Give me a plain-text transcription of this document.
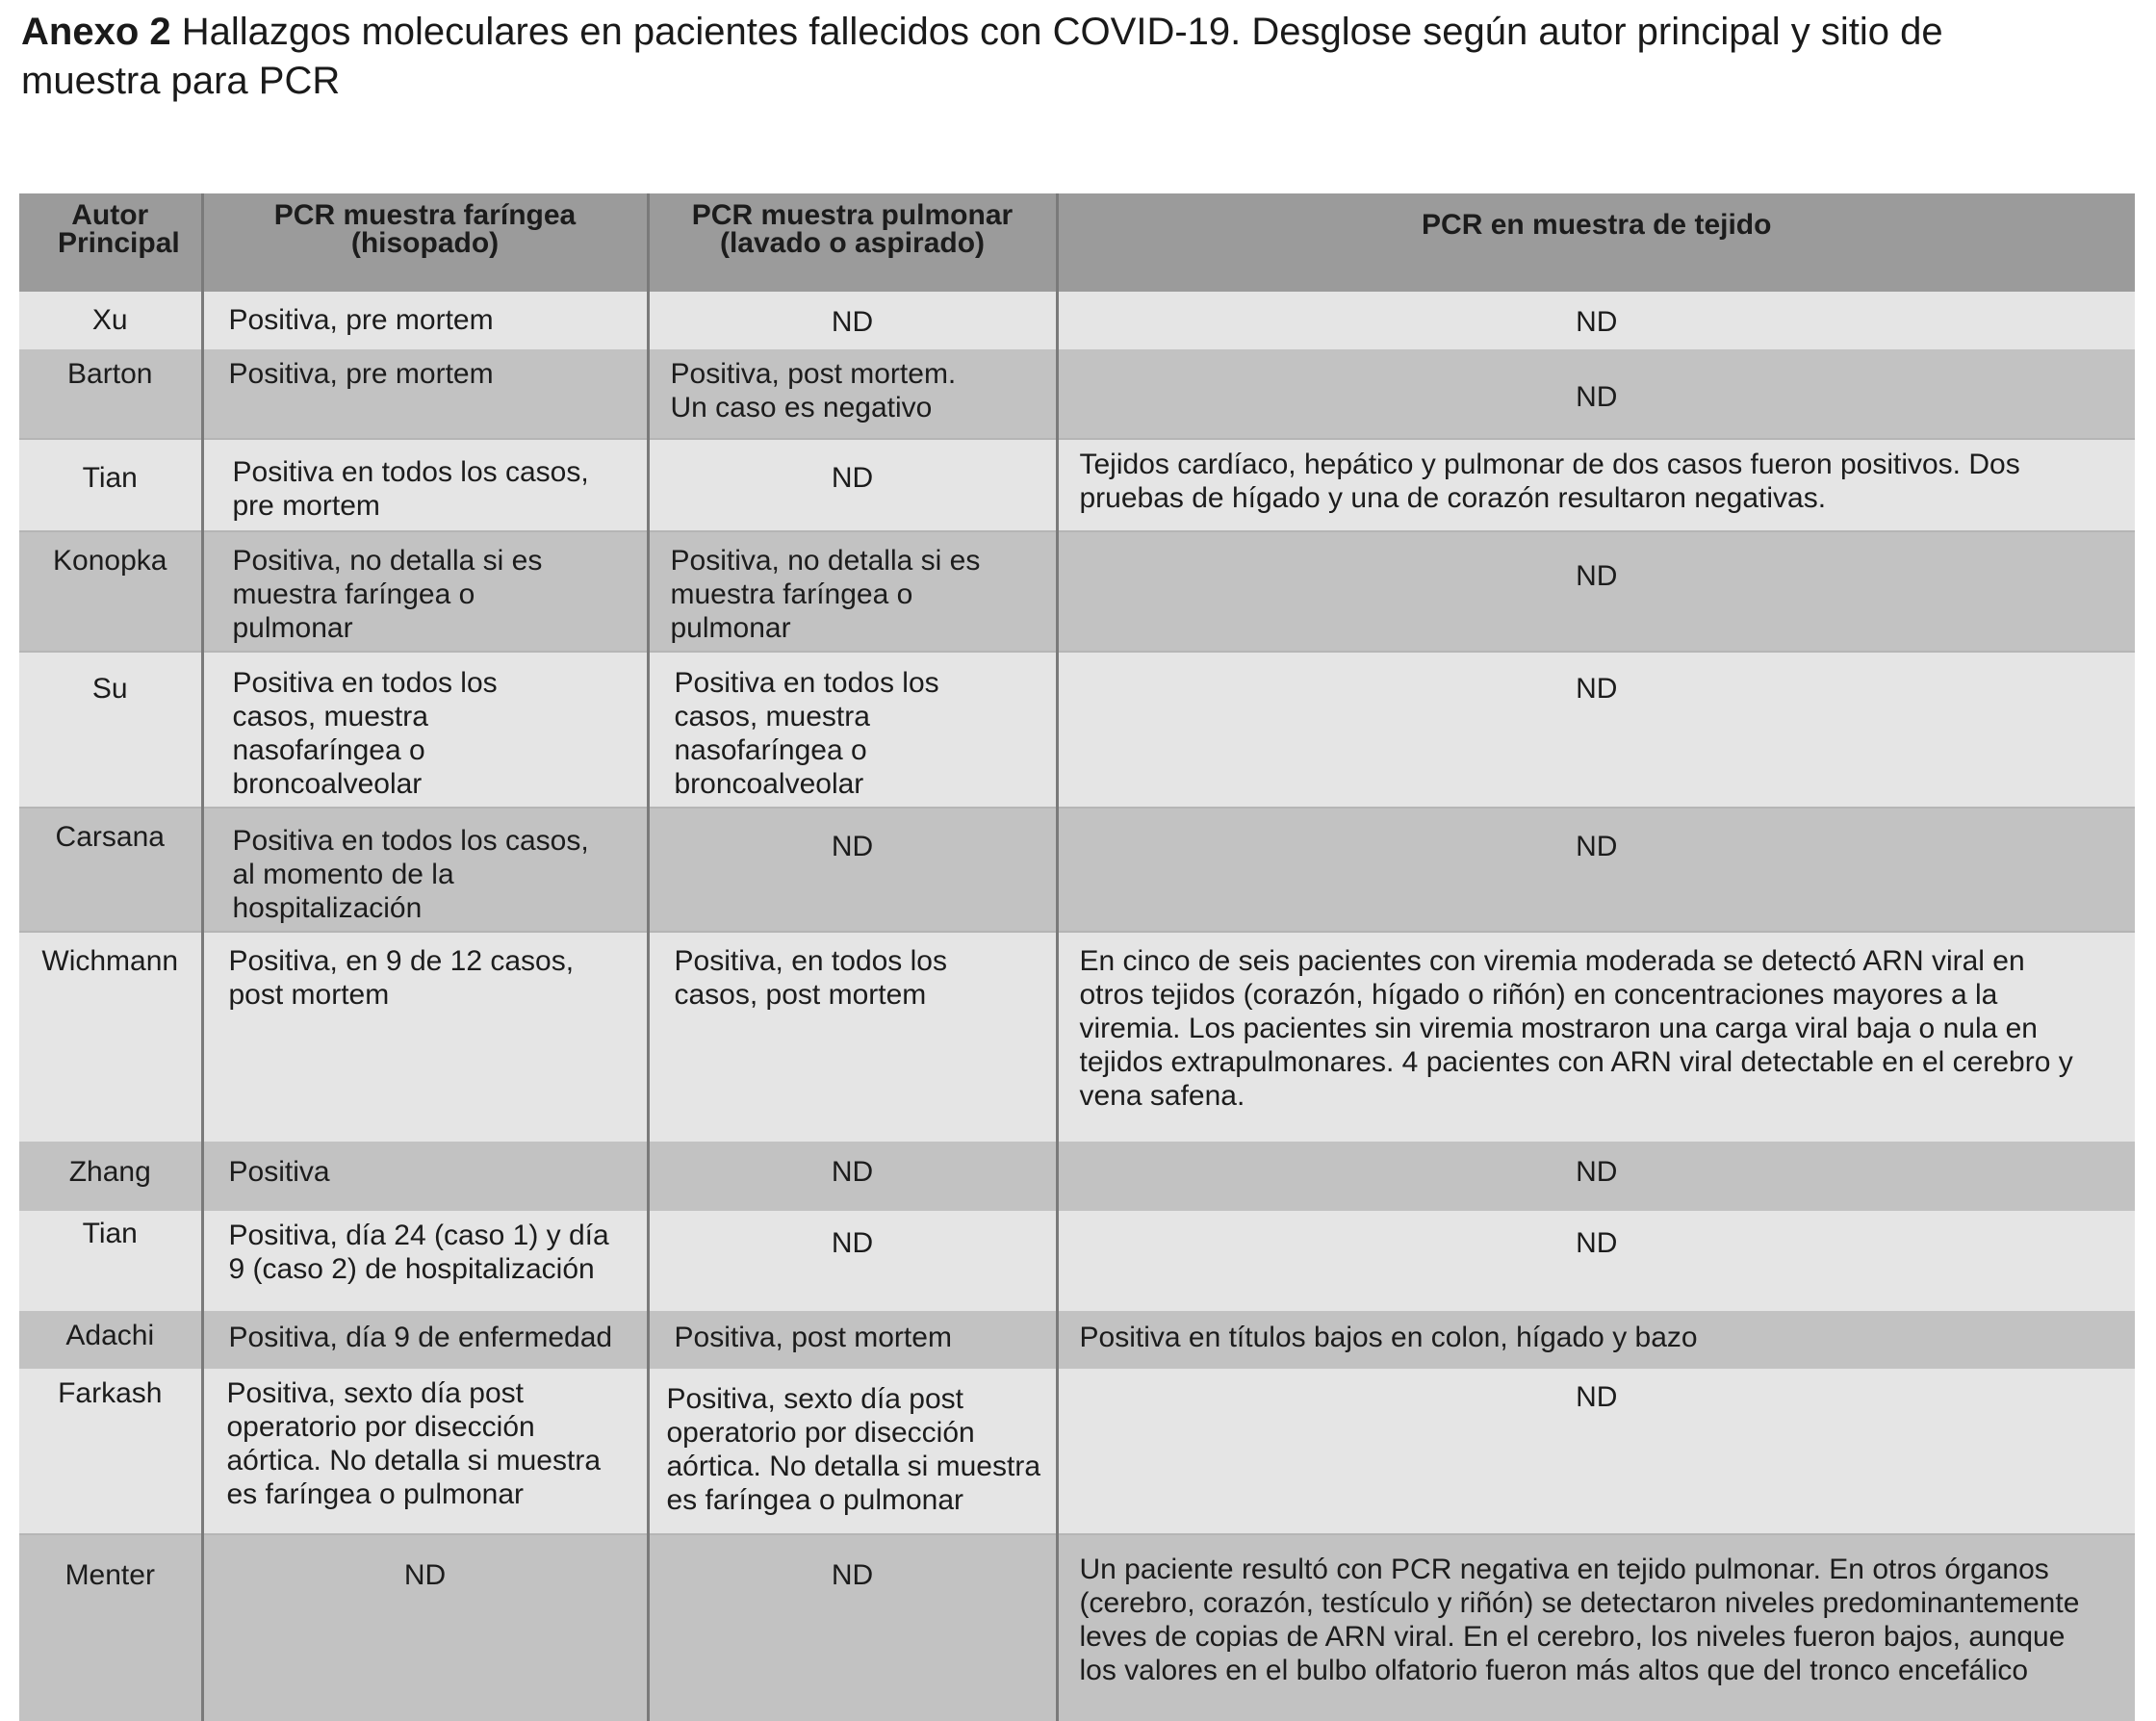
Anexo 2 Hallazgos moleculares en pacientes fallecidos con COVID-19. Desglose según autor principal y sitio de muestra para PCR
Autor Principal	PCR muestra faríngea (hisopado)	PCR muestra pulmonar (lavado o aspirado)	PCR en muestra de tejido
Xu	Positiva, pre mortem	ND	ND
Barton	Positiva, pre mortem	Positiva, post mortem. Un caso es negativo	ND
Tian	Positiva en todos los casos, pre mortem	ND	Tejidos cardíaco, hepático y pulmonar de dos casos fueron positivos. Dos pruebas de hígado y una de corazón resultaron negativas.
Konopka	Positiva, no detalla si es muestra faríngea o pulmonar	Positiva, no detalla si es muestra faríngea o pulmonar	ND
Su	Positiva en todos los casos, muestra nasofaríngea o broncoalveolar	Positiva en todos los casos, muestra nasofaríngea o broncoalveolar	ND
Carsana	Positiva en todos los casos, al momento de la hospitalización	ND	ND
Wichmann	Positiva, en 9 de 12 casos, post mortem	Positiva, en todos los casos, post mortem	En cinco de seis pacientes con viremia moderada se detectó ARN viral en otros tejidos (corazón, hígado o riñón) en concentraciones mayores a la viremia. Los pacientes sin viremia mostraron una carga viral baja o nula en tejidos extrapulmonares. 4 pacientes con ARN viral detectable en el cerebro y vena safena.
Zhang	Positiva	ND	ND
Tian	Positiva, día 24 (caso 1) y día 9 (caso 2) de hospitalización	ND	ND
Adachi	Positiva, día 9 de enfermedad	Positiva, post mortem	Positiva en títulos bajos en colon, hígado y bazo
Farkash	Positiva, sexto día post operatorio por disección aórtica. No detalla si muestra es faríngea o pulmonar	Positiva, sexto día post operatorio por disección aórtica. No detalla si muestra es faríngea o pulmonar	ND
Menter	ND	ND	Un paciente resultó con PCR negativa en tejido pulmonar. En otros órganos (cerebro, corazón, testículo y riñón) se detectaron niveles predominantemente leves de copias de ARN viral. En el cerebro, los niveles fueron bajos, aunque los valores en el bulbo olfatorio fueron más altos que del tronco encefálico
